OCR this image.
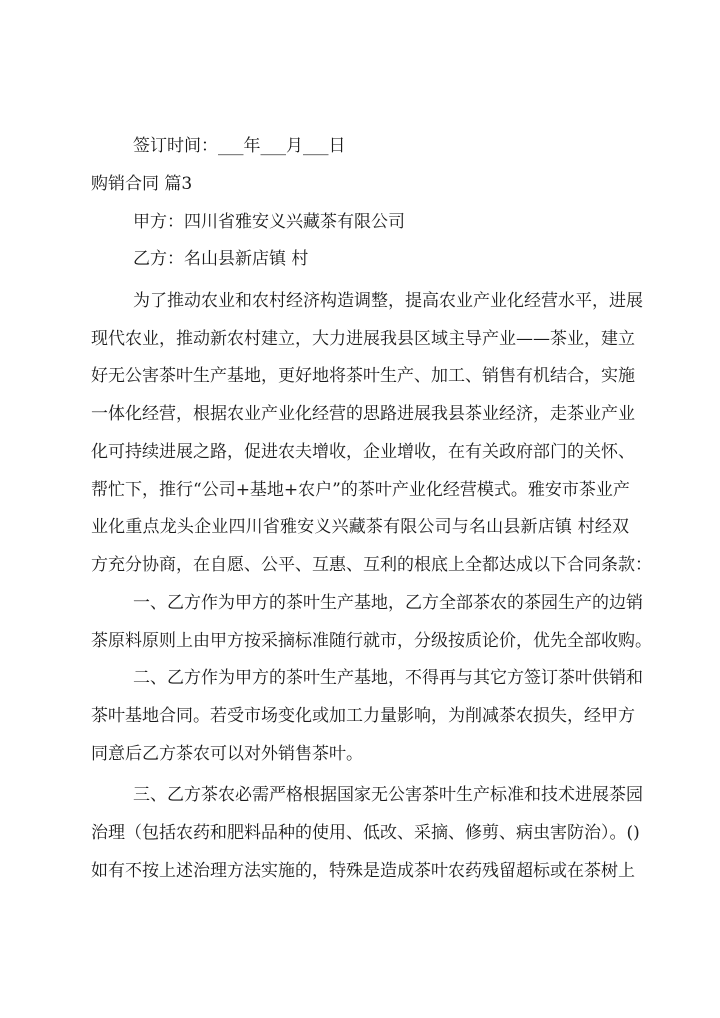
签订时间：___年___月___日
购销合同 篇3
甲方：四川省雅安义兴藏茶有限公司
乙方：名山县新店镇 村
为了推动农业和农村经济构造调整，提高农业产业化经营水平，进展
现代农业，推动新农村建立，大力进展我县区域主导产业——茶业，建立
好无公害茶叶生产基地，更好地将茶叶生产、加工、销售有机结合，实施
一体化经营，根据农业产业化经营的思路进展我县茶业经济，走茶业产业
化可持续进展之路，促进农夫增收，企业增收，在有关政府部门的关怀、
帮忙下，推行“公司+基地+农户”的茶叶产业化经营模式。雅安市茶业产
业化重点龙头企业四川省雅安义兴藏茶有限公司与名山县新店镇 村经双
方充分协商，在自愿、公平、互惠、互利的根底上全都达成以下合同条款：
一、乙方作为甲方的茶叶生产基地，乙方全部茶农的茶园生产的边销
茶原料原则上由甲方按采摘标准随行就市，分级按质论价，优先全部收购。
二、乙方作为甲方的茶叶生产基地，不得再与其它方签订茶叶供销和
茶叶基地合同。若受市场变化或加工力量影响，为削减茶农损失，经甲方
同意后乙方茶农可以对外销售茶叶。
三、乙方茶农必需严格根据国家无公害茶叶生产标准和技术进展茶园
治理（包括农药和肥料品种的使用、低改、采摘、修剪、病虫害防治）。()
如有不按上述治理方法实施的，特殊是造成茶叶农药残留超标或在茶树上
